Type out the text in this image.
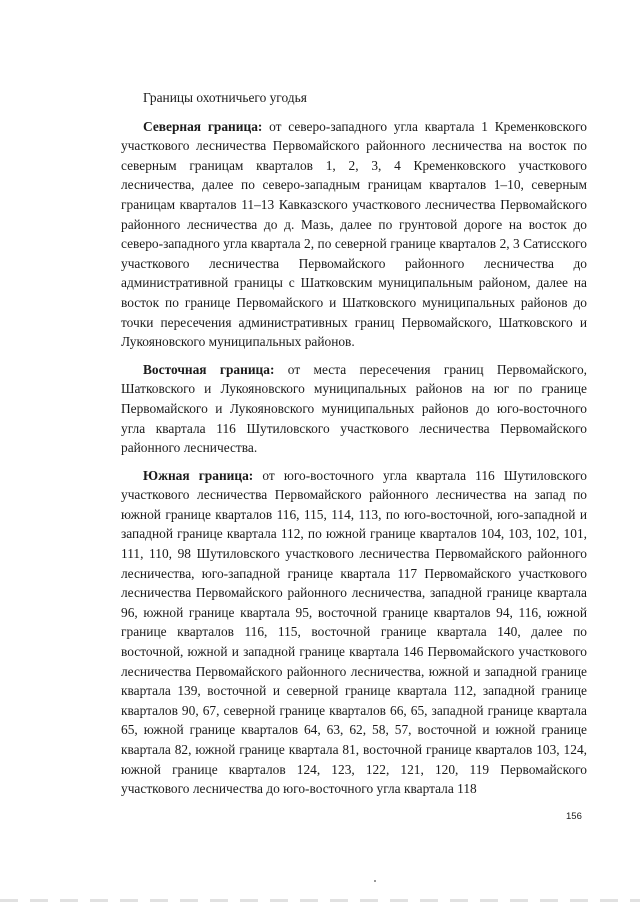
Границы охотничьего угодья

Северная граница: от северо-западного угла квартала 1 Кременковского участкового лесничества Первомайского районного лесничества на восток по северным границам кварталов 1, 2, 3, 4 Кременковского участкового лесничества, далее по северо-западным границам кварталов 1–10, северным границам кварталов 11–13 Кавказского участкового лесничества Первомайского районного лесничества до д. Мазь, далее по грунтовой дороге на восток до северо-западного угла квартала 2, по северной границе кварталов 2, 3 Сатисского участкового лесничества Первомайского районного лесничества до административной границы с Шатковским муниципальным районом, далее на восток по границе Первомайского и Шатковского муниципальных районов до точки пересечения административных границ Первомайского, Шатковского и Лукояновского муниципальных районов.

Восточная граница: от места пересечения границ Первомайского, Шатковского и Лукояновского муниципальных районов на юг по границе Первомайского и Лукояновского муниципальных районов до юго-восточного угла квартала 116 Шутиловского участкового лесничества Первомайского районного лесничества.

Южная граница: от юго-восточного угла квартала 116 Шутиловского участкового лесничества Первомайского районного лесничества на запад по южной границе кварталов 116, 115, 114, 113, по юго-восточной, юго-западной и западной границе квартала 112, по южной границе кварталов 104, 103, 102, 101, 111, 110, 98 Шутиловского участкового лесничества Первомайского районного лесничества, юго-западной границе квартала 117 Первомайского участкового лесничества Первомайского районного лесничества, западной границе квартала 96, южной границе квартала 95, восточной границе кварталов 94, 116, южной границе кварталов 116, 115, восточной границе квартала 140, далее по восточной, южной и западной границе квартала 146 Первомайского участкового лесничества Первомайского районного лесничества, южной и западной границе квартала 139, восточной и северной границе квартала 112, западной границе кварталов 90, 67, северной границе кварталов 66, 65, западной границе квартала 65, южной границе кварталов 64, 63, 62, 58, 57, восточной и южной границе квартала 82, южной границе квартала 81, восточной границе кварталов 103, 124, южной границе кварталов 124, 123, 122, 121, 120, 119 Первомайского участкового лесничества до юго-восточного угла квартала 118

156
